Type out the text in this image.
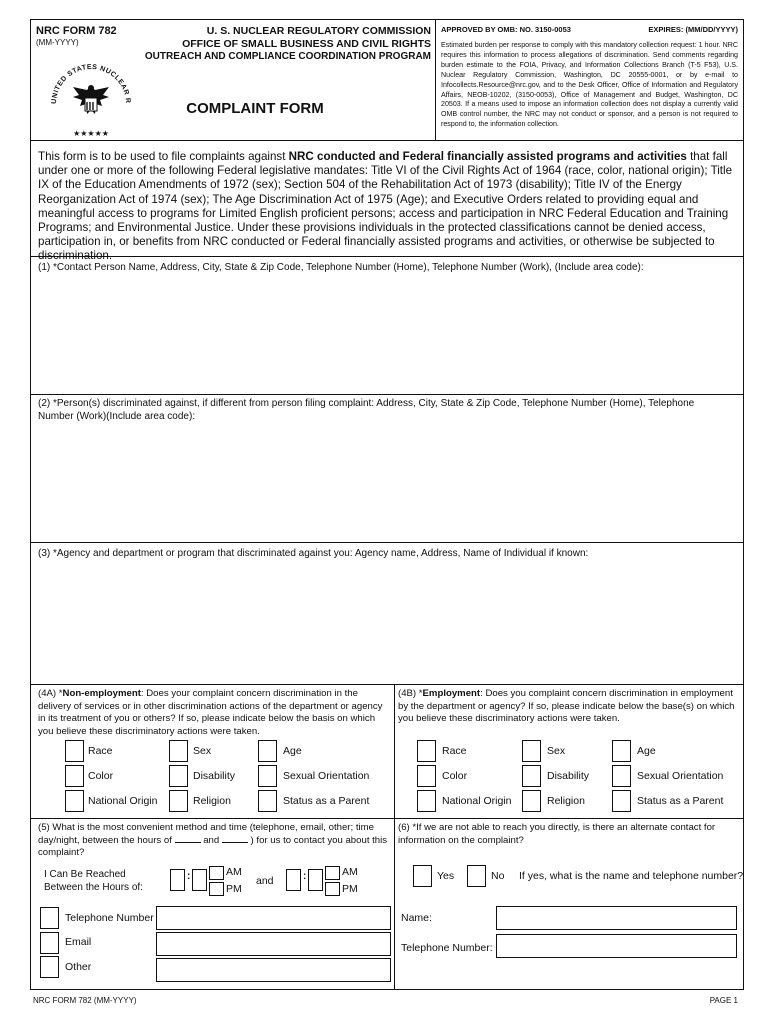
NRC FORM 782
(MM-YYYY)
U. S. NUCLEAR REGULATORY COMMISSION
OFFICE OF SMALL BUSINESS AND CIVIL RIGHTS
OUTREACH AND COMPLIANCE COORDINATION PROGRAM
UNITED STATES NUCLEAR R
★★★★★
COMPLAINT FORM
APPROVED BY OMB: NO. 3150-0053	EXPIRES: (MM/DD/YYYY)
Estimated burden per response to comply with this mandatory collection request: 1 hour. NRC requires this information to process allegations of discrimination. Send comments regarding burden estimate to the FOIA, Privacy, and Information Collections Branch (T-5 F53), U.S. Nuclear Regulatory Commission, Washington, DC 20555-0001, or by e-mail to Infocollects.Resource@nrc.gov, and to the Desk Officer, Office of Information and Regulatory Affairs, NEOB-10202, (3150-0053), Office of Management and Budget, Washington, DC 20503. If a means used to impose an information collection does not display a currently valid OMB control number, the NRC may not conduct or sponsor, and a person is not required to respond to, the information collection.
This form is to be used to file complaints against NRC conducted and Federal financially assisted programs and activities that fall under one or more of the following Federal legislative mandates: Title VI of the Civil Rights Act of 1964 (race, color, national origin); Title IX of the Education Amendments of 1972 (sex); Section 504 of the Rehabilitation Act of 1973 (disability); Title IV of the Energy Reorganization Act of 1974 (sex); The Age Discrimination Act of 1975 (Age); and Executive Orders related to providing equal and meaningful access to programs for Limited English proficient persons; access and participation in NRC Federal Education and Training Programs; and Environmental Justice. Under these provisions individuals in the protected classifications cannot be denied access, participation in, or benefits from NRC conducted or Federal financially assisted programs and activities, or otherwise be subjected to discrimination.
(1) *Contact Person Name, Address, City, State & Zip Code, Telephone Number (Home), Telephone Number (Work), (Include area code):
(2) *Person(s) discriminated against, if different from person filing complaint: Address, City, State & Zip Code, Telephone Number (Home), Telephone Number (Work)(Include area code):
(3) *Agency and department or program that discriminated against you: Agency name, Address, Name of Individual if known:
(4A) *Non-employment: Does your complaint concern discrimination in the delivery of services or in other discrimination actions of the department or agency in its treatment of you or others? If so, please indicate below the basis on which you believe these discriminatory actions were taken.
(4B) *Employment: Does you complaint concern discrimination in employment by the department or agency? If so, please indicate below the base(s) on which you believe these discriminatory actions were taken.
Race	Sex	Age
Color	Disability	Sexual Orientation
National Origin	Religion	Status as a Parent
Race	Sex	Age
Color	Disability	Sexual Orientation
National Origin	Religion	Status as a Parent
(5) What is the most convenient method and time (telephone, email, other; time day/night, between the hours of	and	) for us to contact you about this complaint?
I Can Be Reached
Between the Hours of:
:	AM
PM
and	:	AM
PM
Telephone Number
Email
Other
(6) *If we are not able to reach you directly, is there an alternate contact for information on the complaint?
Yes	No If yes, what is the name and telephone number?
Name:
Telephone Number:
NRC FORM 782 (MM-YYYY)	PAGE 1
